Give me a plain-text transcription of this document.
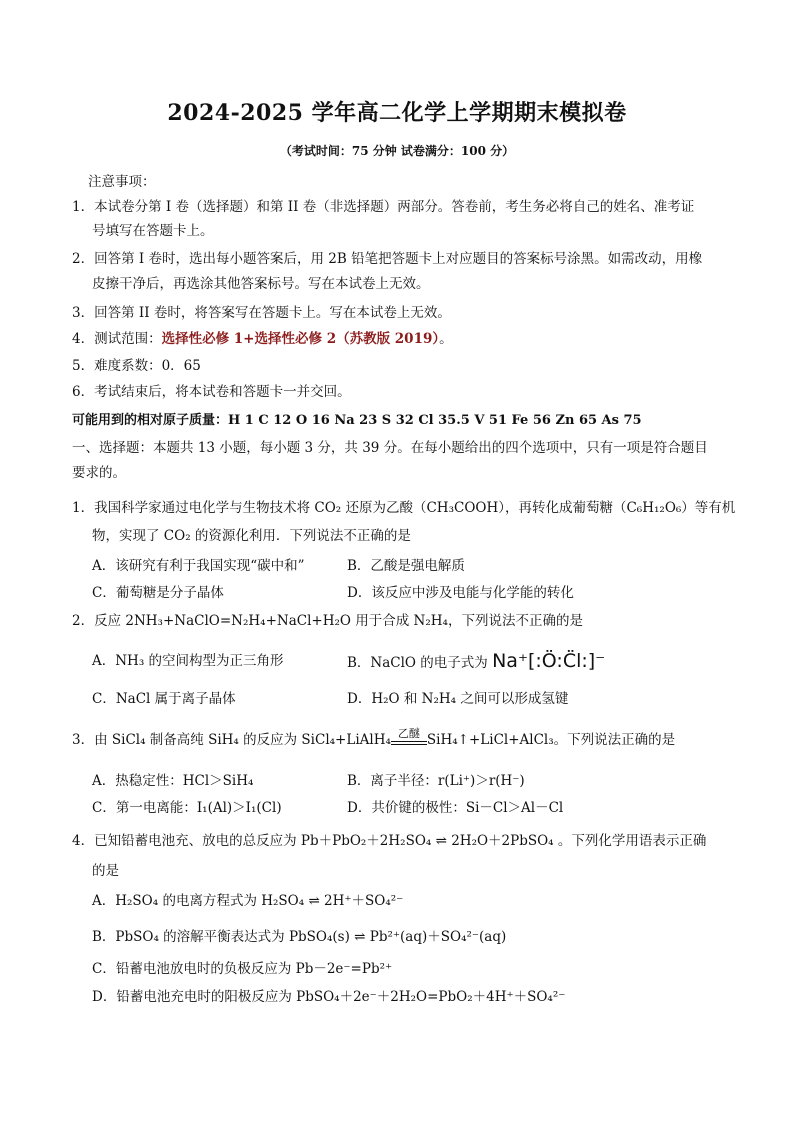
2024-2025 学年高二化学上学期期末模拟卷
（考试时间：75 分钟 试卷满分：100 分）
注意事项：
1．本试卷分第 I 卷（选择题）和第 II 卷（非选择题）两部分。答卷前，考生务必将自己的姓名、准考证
号填写在答题卡上。
2．回答第 I 卷时，选出每小题答案后，用 2B 铅笔把答题卡上对应题目的答案标号涂黑。如需改动，用橡
皮擦干净后，再选涂其他答案标号。写在本试卷上无效。
3．回答第 II 卷时，将答案写在答题卡上。写在本试卷上无效。
4．测试范围：选择性必修 1+选择性必修 2（苏教版 2019）。
5．难度系数：0．65
6．考试结束后，将本试卷和答题卡一并交回。
可能用到的相对原子质量：H 1 C 12 O 16 Na 23 S 32 Cl 35.5 V 51 Fe 56 Zn 65 As 75
一、选择题：本题共 13 小题，每小题 3 分，共 39 分。在每小题给出的四个选项中，只有一项是符合题目
要求的。
1．我国科学家通过电化学与生物技术将 CO₂ 还原为乙酸（CH₃COOH），再转化成葡萄糖（C₆H₁₂O₆）等有机
物，实现了 CO₂ 的资源化利用．下列说法不正确的是
A．该研究有利于我国实现“碳中和”	B．乙酸是强电解质
C．葡萄糖是分子晶体	D．该反应中涉及电能与化学能的转化
2．反应 2NH₃+NaClO=N₂H₄+NaCl+H₂O 用于合成 N₂H₄，下列说法不正确的是
A．NH₃ 的空间构型为正三角形	B．NaClO 的电子式为 Na⁺[:Ö:C̈l:]⁻
C．NaCl 属于离子晶体	D．H₂O 和 N₂H₄ 之间可以形成氢键
3．由 SiCl₄ 制备高纯 SiH₄ 的反应为 SiCl₄+LiAlH₄ 乙醚 SiH₄↑+LiCl+AlCl₃。下列说法正确的是
A．热稳定性：HCl＞SiH₄	B．离子半径：r(Li⁺)＞r(H⁻)
C．第一电离能：I₁(Al)＞I₁(Cl)	D．共价键的极性：Si－Cl＞Al－Cl
4．已知铅蓄电池充、放电的总反应为 Pb＋PbO₂＋2H₂SO₄ ⇌ 2H₂O＋2PbSO₄ 。下列化学用语表示正确
的是
A．H₂SO₄ 的电离方程式为 H₂SO₄ ⇌ 2H⁺＋SO₄²⁻
B．PbSO₄ 的溶解平衡表达式为 PbSO₄(s) ⇌ Pb²⁺(aq)＋SO₄²⁻(aq)
C．铅蓄电池放电时的负极反应为 Pb－2e⁻=Pb²⁺
D．铅蓄电池充电时的阳极反应为 PbSO₄＋2e⁻＋2H₂O=PbO₂＋4H⁺＋SO₄²⁻
